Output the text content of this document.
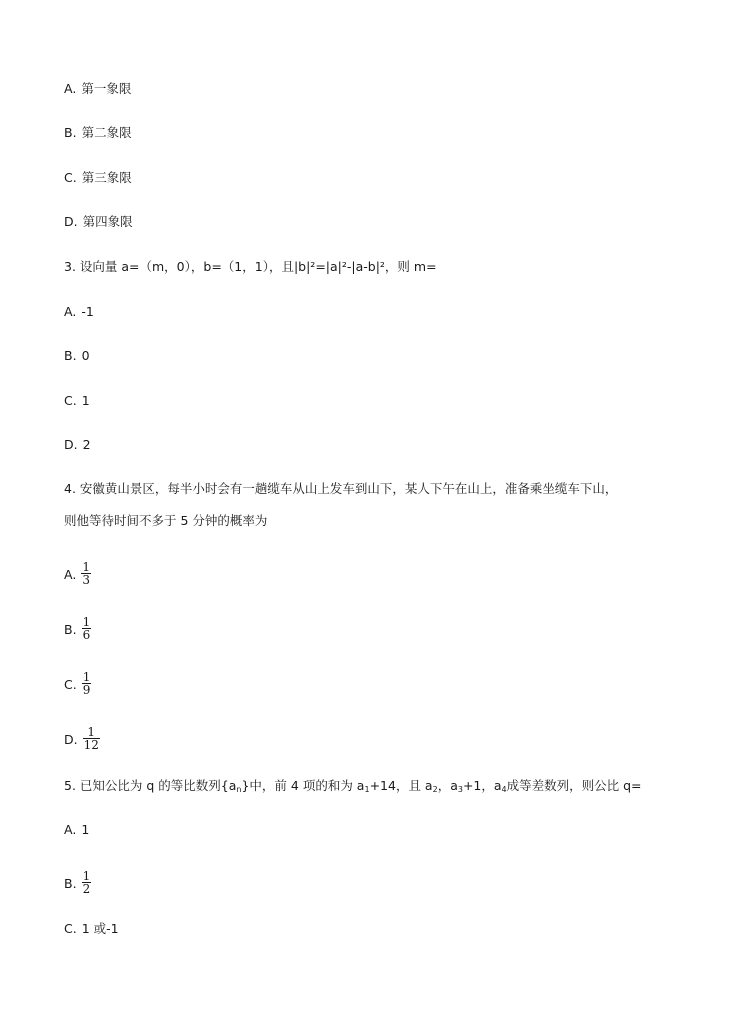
A. 第一象限
B. 第二象限
C. 第三象限
D. 第四象限
3. 设向量 a=（m，0），b=（1，1），且|b|²=|a|²-|a-b|²，则 m=
A. -1
B. 0
C. 1
D. 2
4. 安徽黄山景区，每半小时会有一趟缆车从山上发车到山下，某人下午在山上，准备乘坐缆车下山，
则他等待时间不多于 5 分钟的概率为
A. $\frac{1}{3}$
B. $\frac{1}{6}$
C. $\frac{1}{9}$
D. $\frac{1}{12}$
5. 已知公比为 q 的等比数列$\{a_n\}$中，前 4 项的和为 $a_1+14$，且 $a_2$，$a_3+1$，$a_4$成等差数列，则公比 q=
A. 1
B. $\frac{1}{2}$
C. 1 或-1
